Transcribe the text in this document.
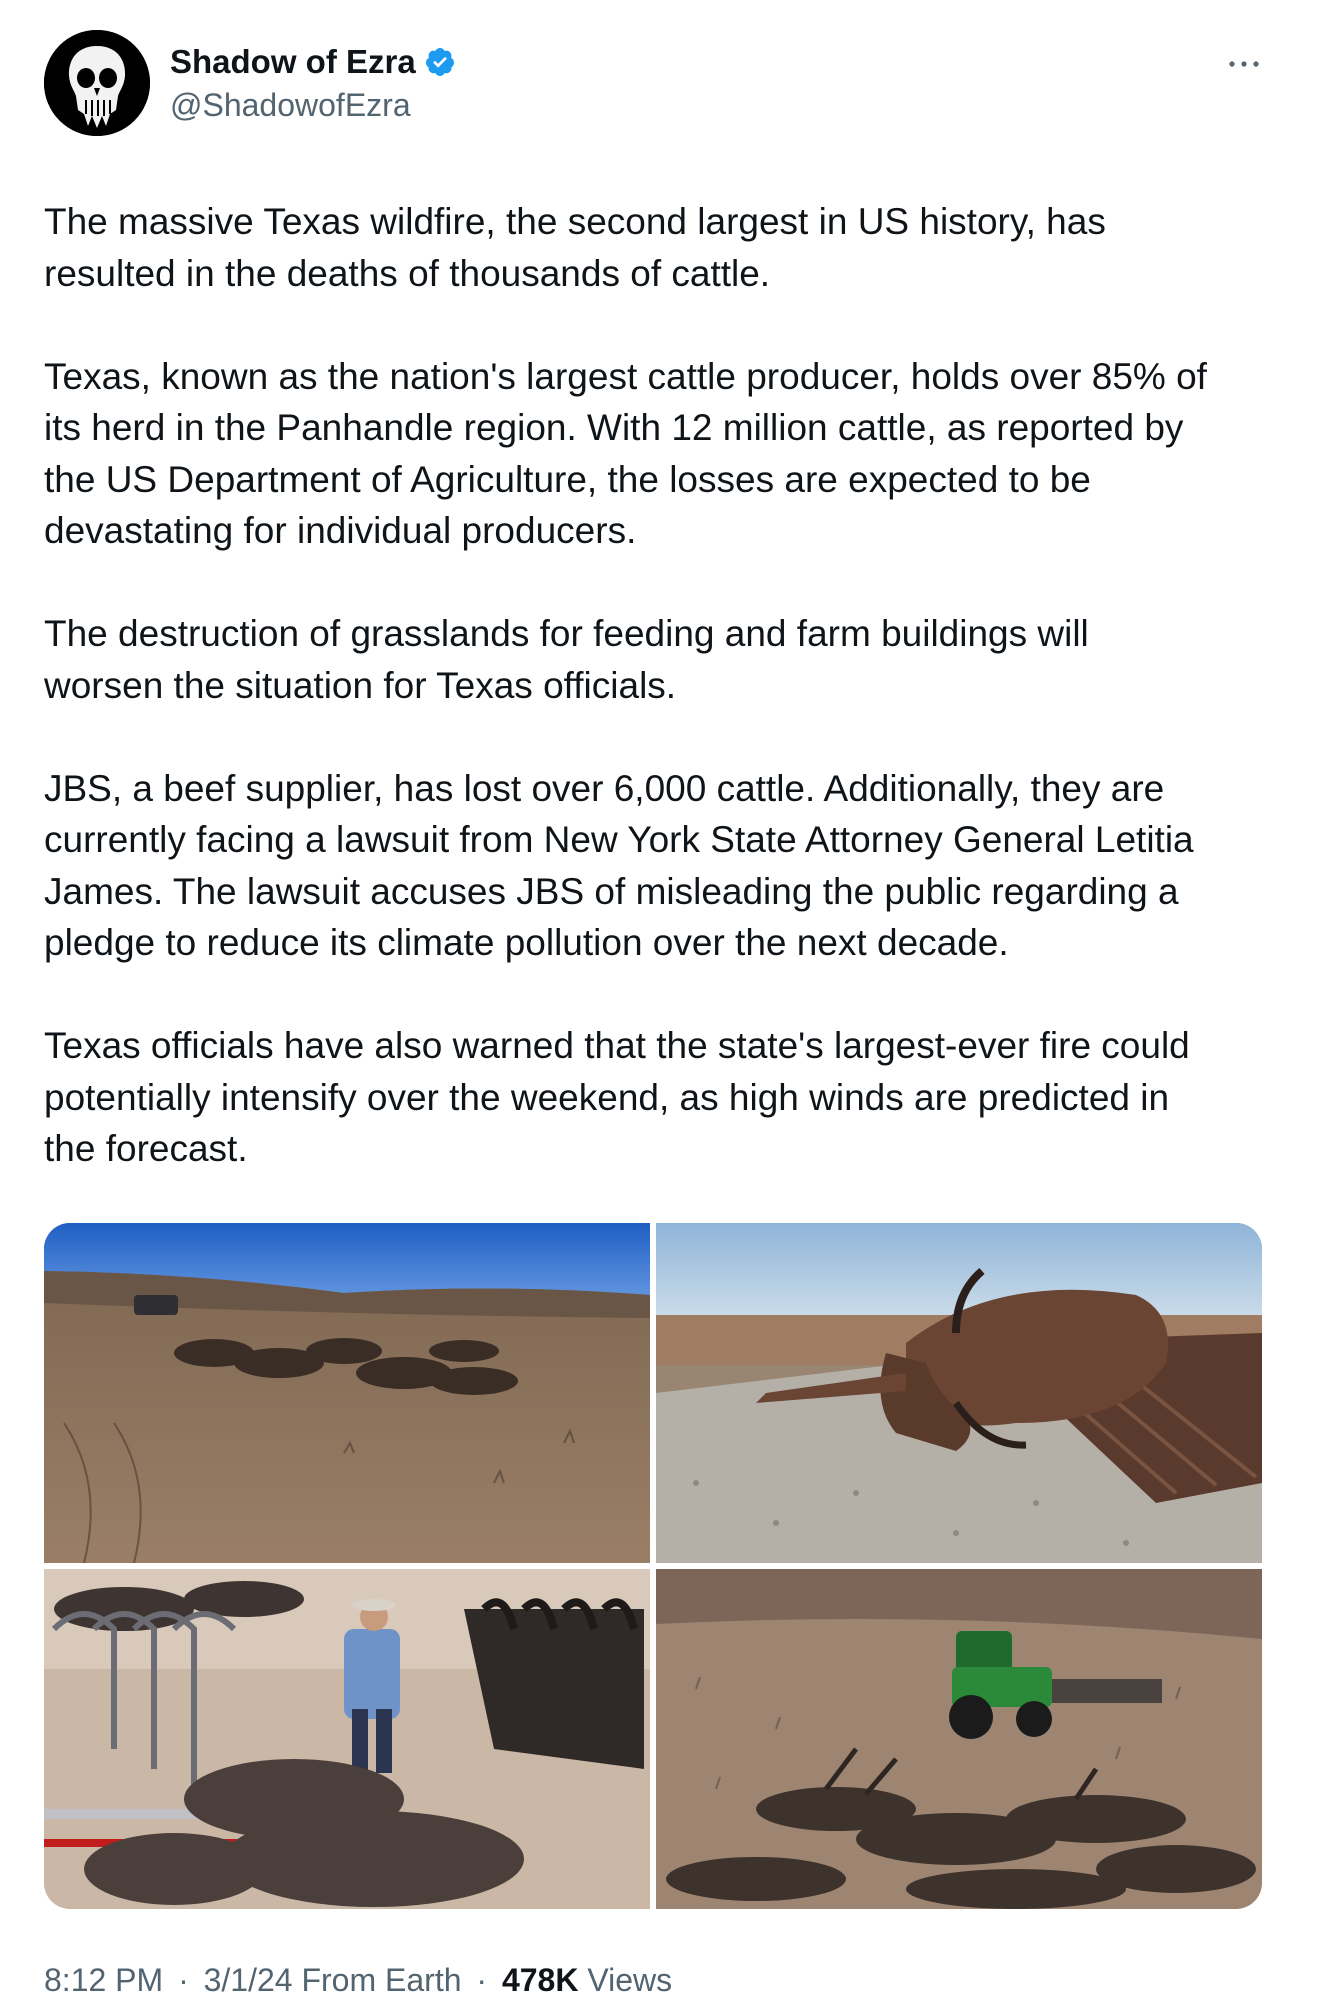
Shadow of Ezra
@ShadowofEzra

The massive Texas wildfire, the second largest in US history, has
resulted in the deaths of thousands of cattle.

Texas, known as the nation's largest cattle producer, holds over 85% of
its herd in the Panhandle region. With 12 million cattle, as reported by
the US Department of Agriculture, the losses are expected to be
devastating for individual producers.

The destruction of grasslands for feeding and farm buildings will
worsen the situation for Texas officials.

JBS, a beef supplier, has lost over 6,000 cattle. Additionally, they are
currently facing a lawsuit from New York State Attorney General Letitia
James. The lawsuit accuses JBS of misleading the public regarding a
pledge to reduce its climate pollution over the next decade.

Texas officials have also warned that the state's largest-ever fire could
potentially intensify over the weekend, as high winds are predicted in
the forecast.

8:12 PM · 3/1/24 From Earth · 478K Views
